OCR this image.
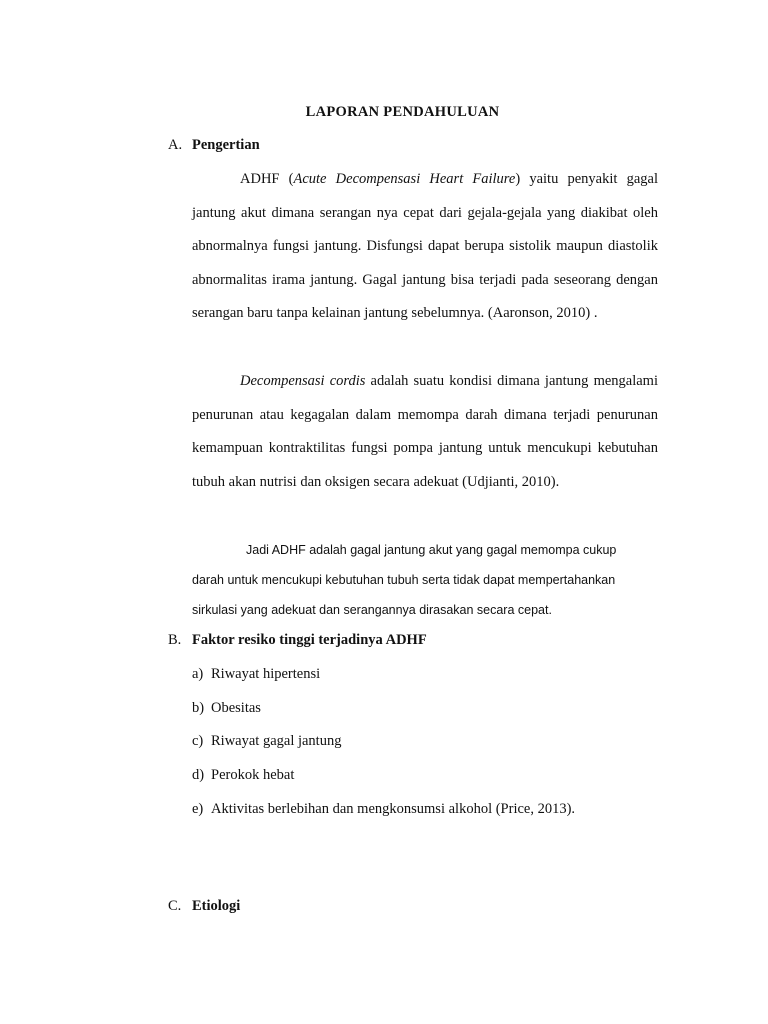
LAPORAN PENDAHULUAN
A. Pengertian

ADHF (Acute Decompensasi Heart Failure) yaitu penyakit gagal jantung akut dimana serangan nya cepat dari gejala-gejala yang diakibat oleh abnormalnya fungsi jantung. Disfungsi dapat berupa sistolik maupun diastolik abnormalitas irama jantung. Gagal jantung bisa terjadi pada seseorang dengan serangan baru tanpa kelainan jantung sebelumnya. (Aaronson, 2010) .

Decompensasi cordis adalah suatu kondisi dimana jantung mengalami penurunan atau kegagalan dalam memompa darah dimana terjadi penurunan kemampuan kontraktilitas fungsi pompa jantung untuk mencukupi kebutuhan tubuh akan nutrisi dan oksigen secara adekuat (Udjianti, 2010).

Jadi ADHF adalah gagal jantung akut yang gagal memompa cukup
darah untuk mencukupi kebutuhan tubuh serta tidak dapat mempertahankan
sirkulasi yang adekuat dan serangannya dirasakan secara cepat.
B. Faktor resiko tinggi terjadinya ADHF
a) Riwayat hipertensi
b) Obesitas
c) Riwayat gagal jantung
d) Perokok hebat
e) Aktivitas berlebihan dan mengkonsumsi alkohol (Price, 2013).
C. Etiologi
